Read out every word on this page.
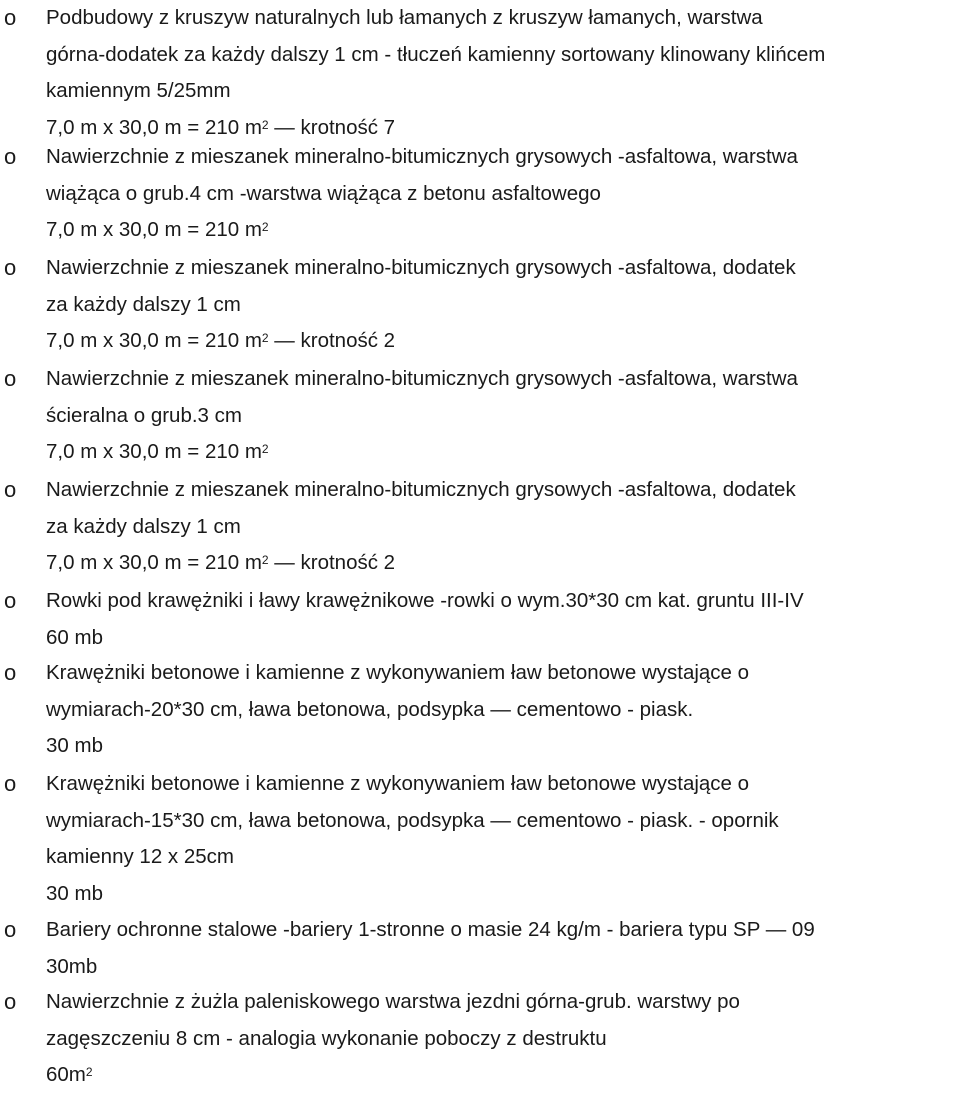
o Podbudowy z kruszyw naturalnych lub łamanych z kruszyw łamanych, warstwa
górna-dodatek za każdy dalszy 1 cm - tłuczeń kamienny sortowany klinowany klińcem
kamiennym 5/25mm
7,0 m x 30,0 m = 210 $m^2$ — krotność 7
o Nawierzchnie z mieszanek mineralno-bitumicznych grysowych -asfaltowa, warstwa
wiążąca o grub.4 cm -warstwa wiążąca z betonu asfaltowego
7,0 m x 30,0 m = 210 $m^2$
o Nawierzchnie z mieszanek mineralno-bitumicznych grysowych -asfaltowa, dodatek
za każdy dalszy 1 cm
7,0 m x 30,0 m = 210 $m^2$ — krotność 2
o Nawierzchnie z mieszanek mineralno-bitumicznych grysowych -asfaltowa, warstwa
ścieralna o grub.3 cm
7,0 m x 30,0 m = 210 $m^2$
o Nawierzchnie z mieszanek mineralno-bitumicznych grysowych -asfaltowa, dodatek
za każdy dalszy 1 cm
7,0 m x 30,0 m = 210 $m^2$ — krotność 2
o Rowki pod krawężniki i ławy krawężnikowe -rowki o wym.30*30 cm kat. gruntu III-IV
60 mb
o Krawężniki betonowe i kamienne z wykonywaniem ław betonowe wystające o
wymiarach-20*30 cm, ława betonowa, podsypka — cementowo - piask.
30 mb
o Krawężniki betonowe i kamienne z wykonywaniem ław betonowe wystające o
wymiarach-15*30 cm, ława betonowa, podsypka — cementowo - piask. - opornik
kamienny 12 x 25cm
30 mb
o Bariery ochronne stalowe -bariery 1-stronne o masie 24 kg/m - bariera typu SP — 09
30mb
o Nawierzchnie z żużla paleniskowego warstwa jezdni górna-grub. warstwy po
zagęszczeniu 8 cm - analogia wykonanie poboczy z destruktu
$60m^2$
